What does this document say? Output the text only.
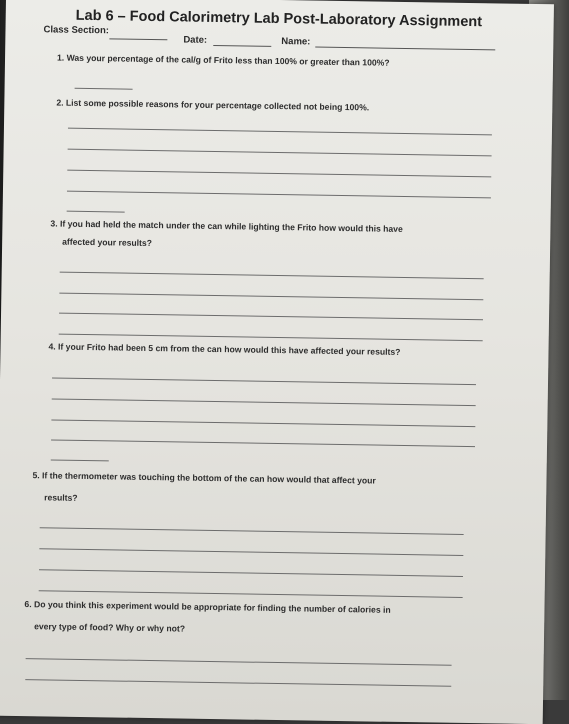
Lab 6 – Food Calorimetry Lab Post-Laboratory Assignment
Class Section:
Date:	Name:
1. Was your percentage of the cal/g of Frito less than 100% or greater than 100%?
2. List some possible reasons for your percentage collected not being 100%.
3. If you had held the match under the can while lighting the Frito how would this have
affected your results?
4. If your Frito had been 5 cm from the can how would this have affected your results?
5. If the thermometer was touching the bottom of the can how would that affect your
results?
6. Do you think this experiment would be appropriate for finding the number of calories in
every type of food? Why or why not?
